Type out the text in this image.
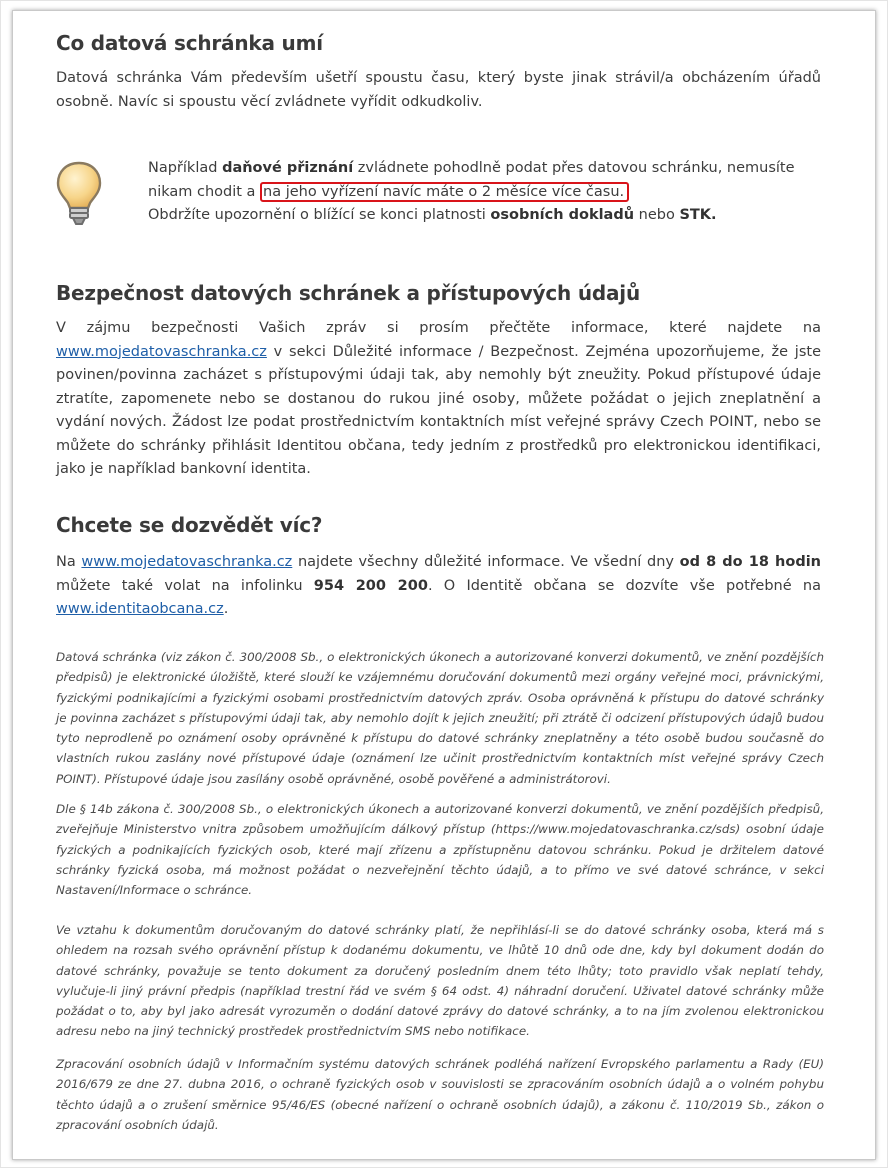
Co datová schránka umí

Datová schránka Vám především ušetří spoustu času, který byste jinak strávil/a obcházením úřadů osobně. Navíc si spoustu věcí zvládnete vyřídit odkudkoliv.

Například daňové přiznání zvládnete pohodlně podat přes datovou schránku, nemusíte nikam chodit a na jeho vyřízení navíc máte o 2 měsíce více času.
Obdržíte upozornění o blížící se konci platnosti osobních dokladů nebo STK.

Bezpečnost datových schránek a přístupových údajů

V zájmu bezpečnosti Vašich zpráv si prosím přečtěte informace, které najdete na www.mojedatovaschranka.cz v sekci Důležité informace / Bezpečnost. Zejména upozorňujeme, že jste povinen/povinna zacházet s přístupovými údaji tak, aby nemohly být zneužity. Pokud přístupové údaje ztratíte, zapomenete nebo se dostanou do rukou jiné osoby, můžete požádat o jejich zneplatnění a vydání nových. Žádost lze podat prostřednictvím kontaktních míst veřejné správy Czech POINT, nebo se můžete do schránky přihlásit Identitou občana, tedy jedním z prostředků pro elektronickou identifikaci, jako je například bankovní identita.

Chcete se dozvědět víc?

Na www.mojedatovaschranka.cz najdete všechny důležité informace. Ve všední dny od 8 do 18 hodin můžete také volat na infolinku 954 200 200. O Identitě občana se dozvíte vše potřebné na www.identitaobcana.cz.

Datová schránka (viz zákon č. 300/2008 Sb., o elektronických úkonech a autorizované konverzi dokumentů, ve znění pozdějších předpisů) je elektronické úložiště, které slouží ke vzájemnému doručování dokumentů mezi orgány veřejné moci, právnickými, fyzickými podnikajícími a fyzickými osobami prostřednictvím datových zpráv. Osoba oprávněná k přístupu do datové schránky je povinna zacházet s přístupovými údaji tak, aby nemohlo dojít k jejich zneužití; při ztrátě či odcizení přístupových údajů budou tyto neprodleně po oznámení osoby oprávněné k přístupu do datové schránky zneplatněny a této osobě budou současně do vlastních rukou zaslány nové přístupové údaje (oznámení lze učinit prostřednictvím kontaktních míst veřejné správy Czech POINT). Přístupové údaje jsou zasílány osobě oprávněné, osobě pověřené a administrátorovi.

Dle § 14b zákona č. 300/2008 Sb., o elektronických úkonech a autorizované konverzi dokumentů, ve znění pozdějších předpisů, zveřejňuje Ministerstvo vnitra způsobem umožňujícím dálkový přístup (https://www.mojedatovaschranka.cz/sds) osobní údaje fyzických a podnikajících fyzických osob, které mají zřízenu a zpřístupněnu datovou schránku. Pokud je držitelem datové schránky fyzická osoba, má možnost požádat o nezveřejnění těchto údajů, a to přímo ve své datové schránce, v sekci Nastavení/Informace o schránce.

Ve vztahu k dokumentům doručovaným do datové schránky platí, že nepřihlásí-li se do datové schránky osoba, která má s ohledem na rozsah svého oprávnění přístup k dodanému dokumentu, ve lhůtě 10 dnů ode dne, kdy byl dokument dodán do datové schránky, považuje se tento dokument za doručený posledním dnem této lhůty; toto pravidlo však neplatí tehdy, vylučuje-li jiný právní předpis (například trestní řád ve svém § 64 odst. 4) náhradní doručení. Uživatel datové schránky může požádat o to, aby byl jako adresát vyrozuměn o dodání datové zprávy do datové schránky, a to na jím zvolenou elektronickou adresu nebo na jiný technický prostředek prostřednictvím SMS nebo notifikace.

Zpracování osobních údajů v Informačním systému datových schránek podléhá nařízení Evropského parlamentu a Rady (EU) 2016/679 ze dne 27. dubna 2016, o ochraně fyzických osob v souvislosti se zpracováním osobních údajů a o volném pohybu těchto údajů a o zrušení směrnice 95/46/ES (obecné nařízení o ochraně osobních údajů), a zákonu č. 110/2019 Sb., zákon o zpracování osobních údajů.
